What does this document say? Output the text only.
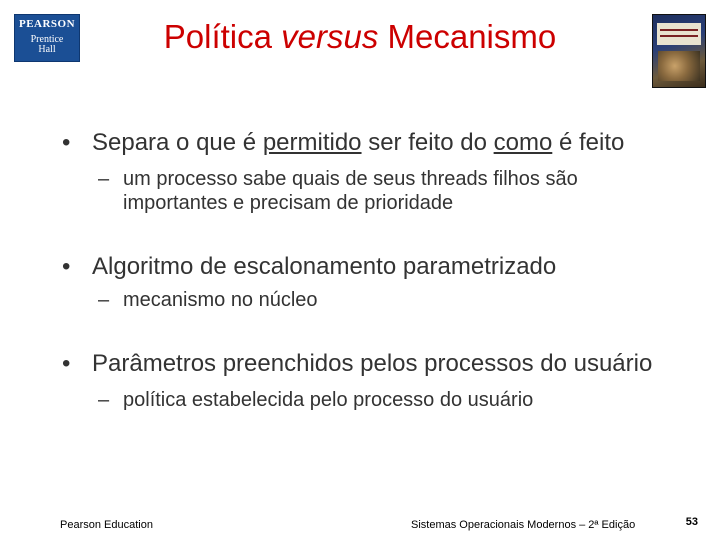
PEARSON
Prentice
Hall	Política versus Mecanismo
• Separa o que é permitido ser feito do como é feito
– um processo sabe quais de seus threads filhos são importantes e precisam de prioridade
• Algoritmo de escalonamento parametrizado
– mecanismo no núcleo
• Parâmetros preenchidos pelos processos do usuário
– política estabelecida pelo processo do usuário
Pearson Education	Sistemas Operacionais Modernos – 2ª Edição	53
